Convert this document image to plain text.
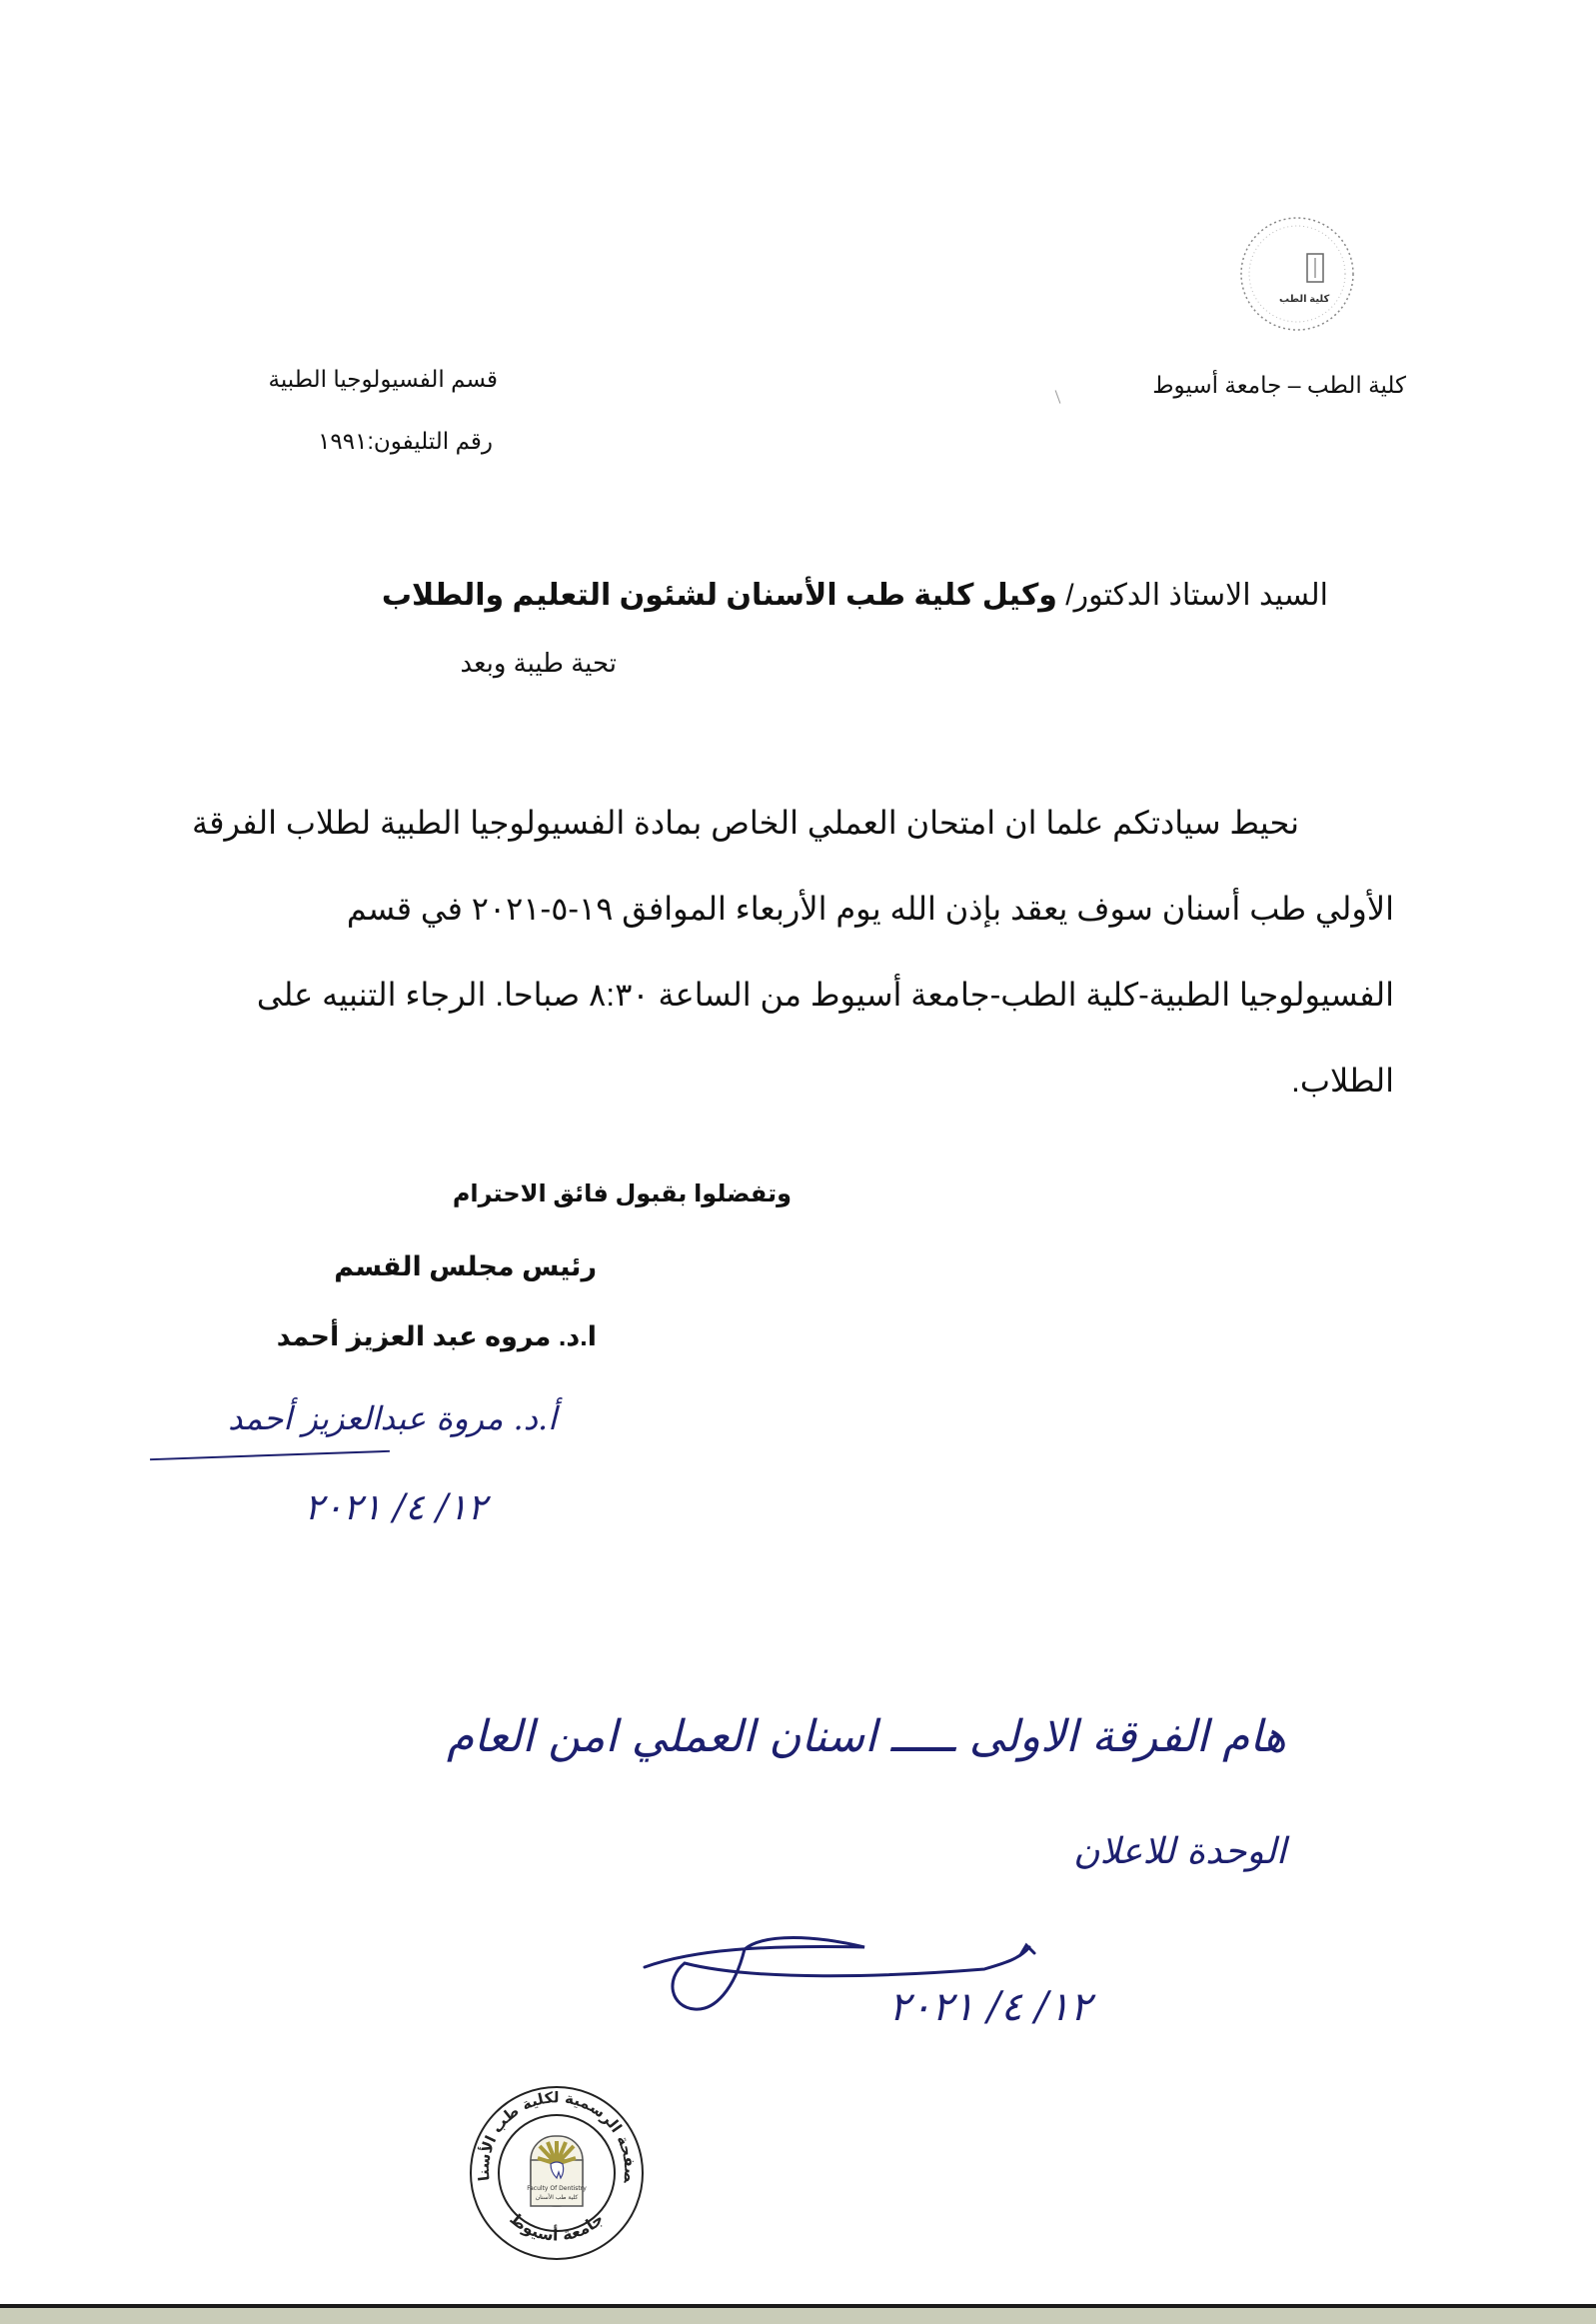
كلية الطب
كلية الطب – جامعة أسيوط
قسم الفسيولوجيا الطبية
رقم التليفون:١٩٩١
السيد الاستاذ الدكتور/ وكيل كلية طب الأسنان لشئون التعليم والطلاب
تحية طيبة وبعد
نحيط سيادتكم علما ان امتحان العملي الخاص بمادة الفسيولوجيا الطبية لطلاب الفرقة
الأولي طب أسنان سوف يعقد بإذن الله يوم الأربعاء الموافق ١٩-٥-٢٠٢١ في قسم
الفسيولوجيا الطبية-كلية الطب-جامعة أسيوط من الساعة ٨:٣٠ صباحا. الرجاء التنبيه على
الطلاب.
وتفضلوا بقبول فائق الاحترام
رئيس مجلس القسم
ا.د. مروه عبد العزيز أحمد
أ.د. مروة عبدالعزيز أحمد
١٢/ ٤/ ٢٠٢١
هام الفرقة الاولى ـــــ اسنان العملي امن العام
الوحدة للاعلان
١٢/ ٤/ ٢٠٢١
صفحة الرسمية لكلية طب الأسنان
جامعة أسيوط
Faculty Of Dentistry
كلية طب الأسنان
